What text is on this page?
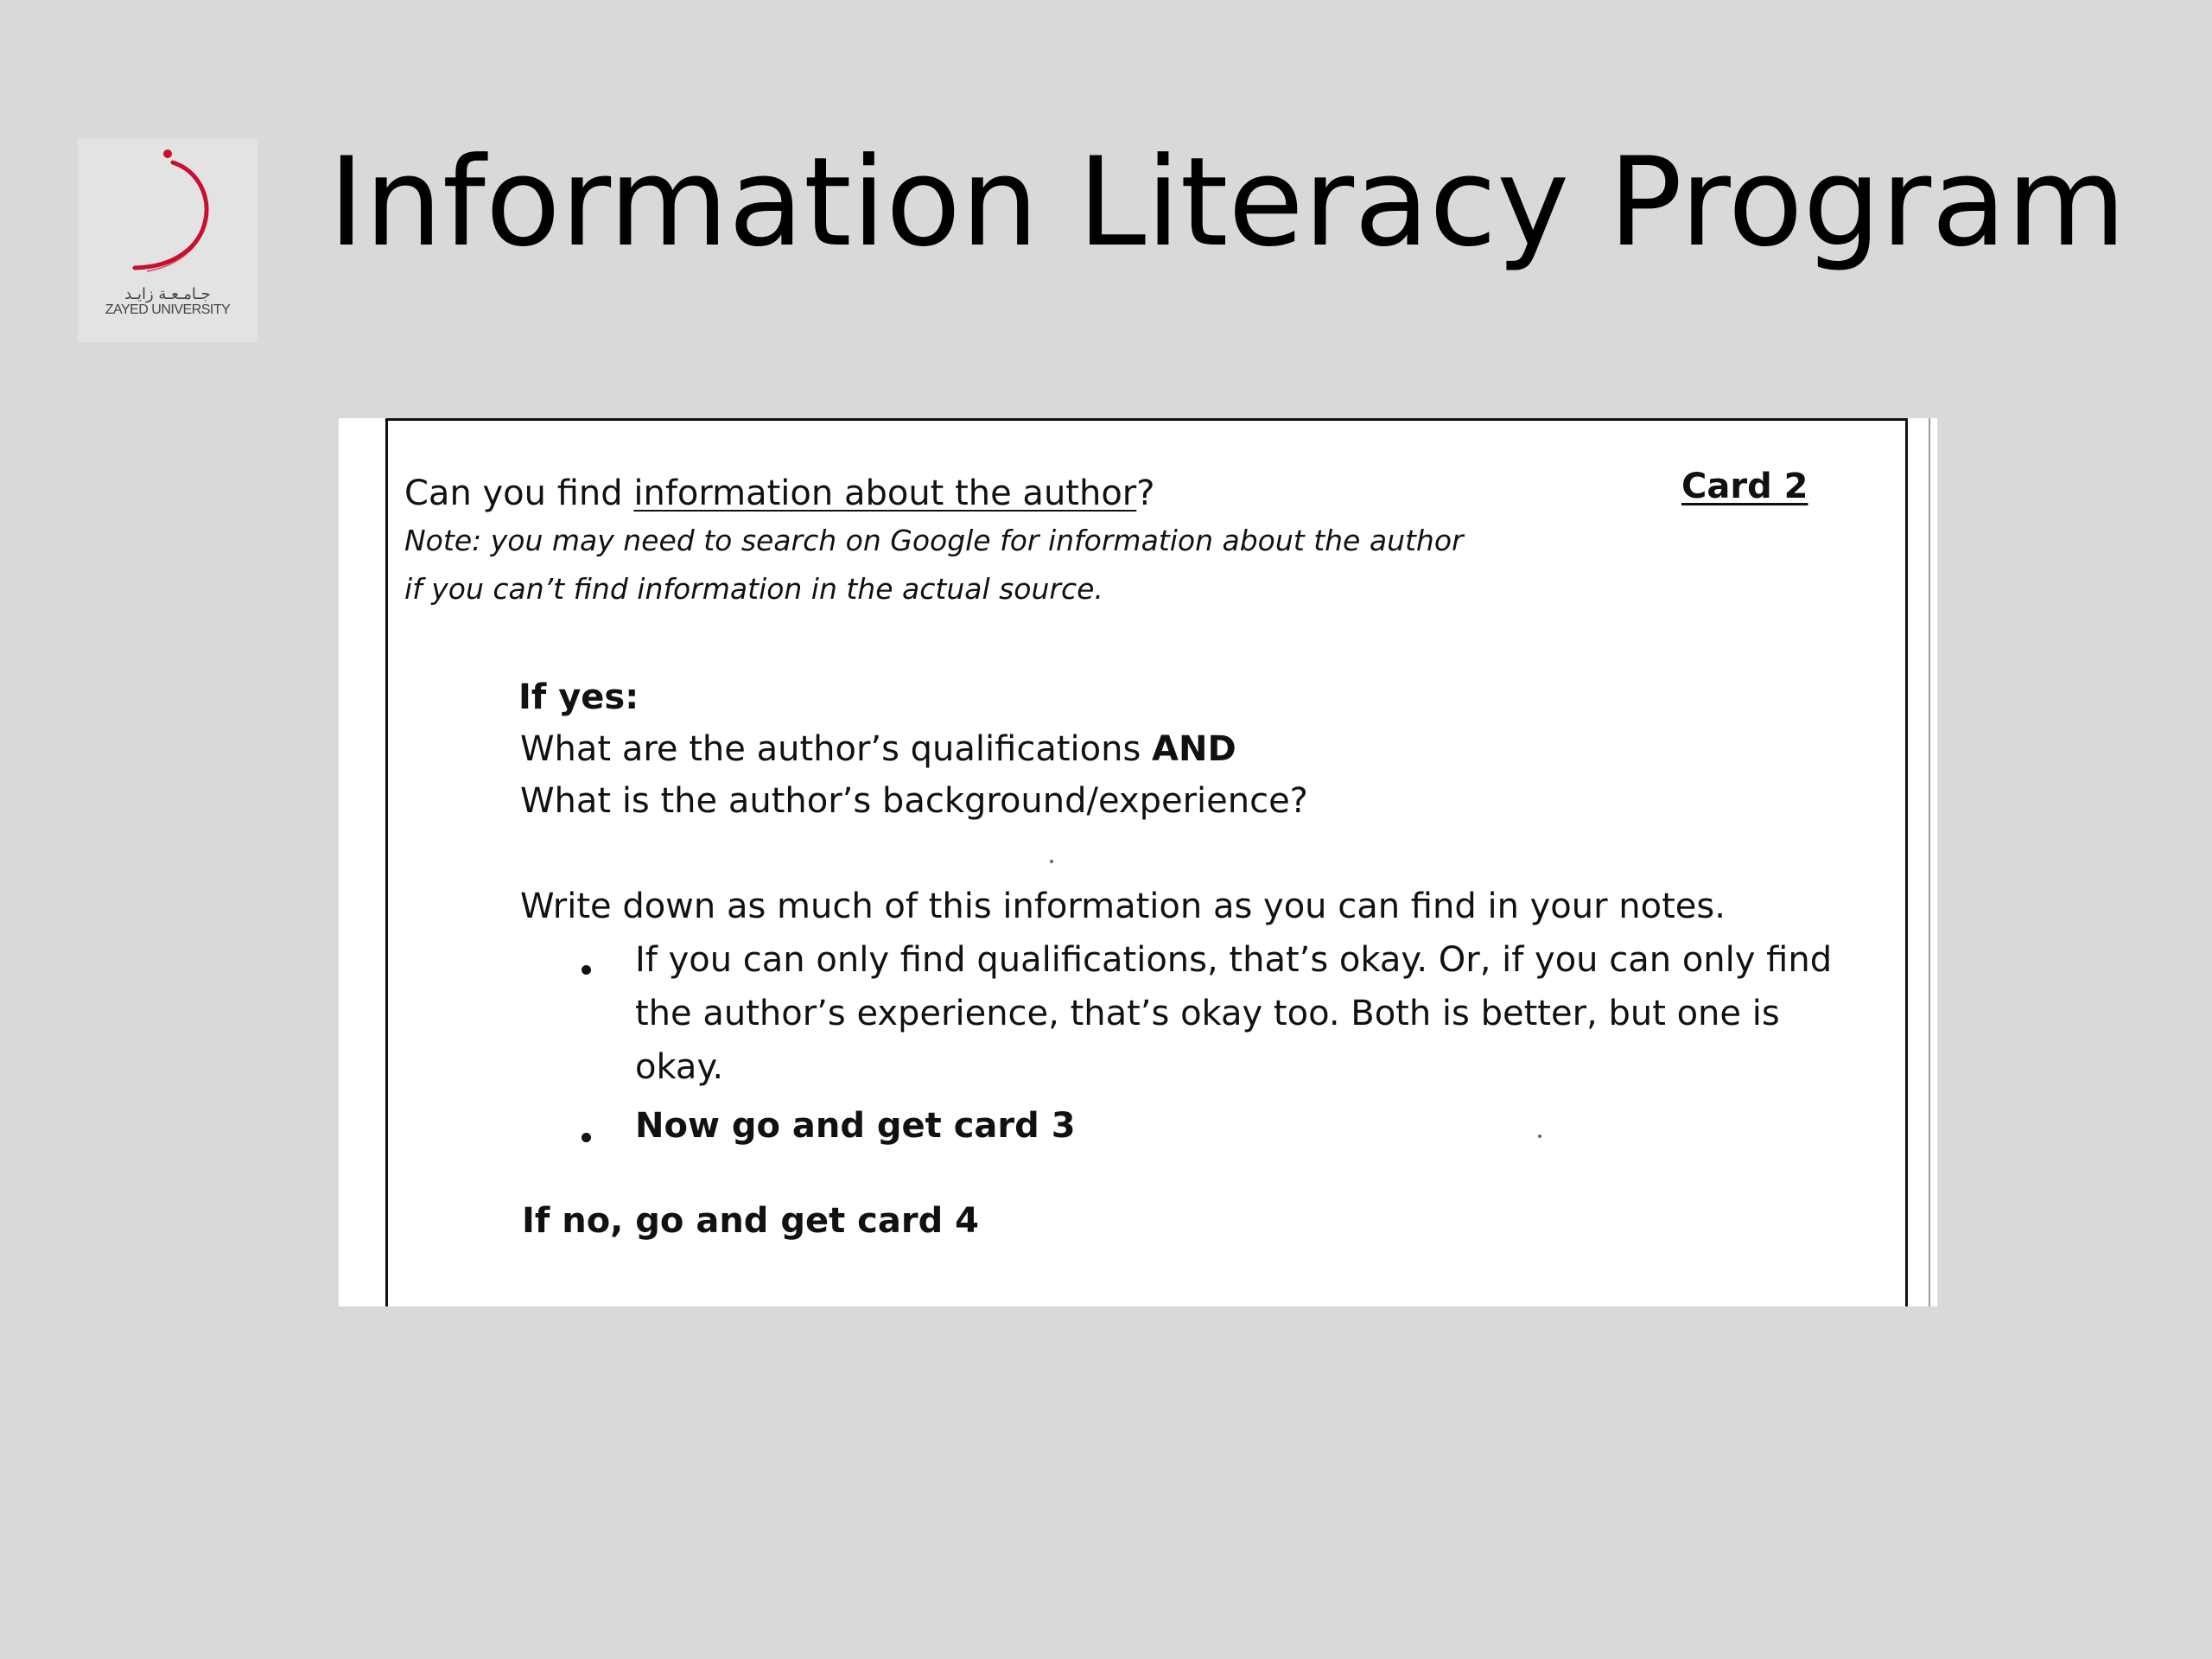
جـامـعـة زايـد
ZAYED UNIVERSITY
Information Literacy Program
Can you find information about the author?	Card 2
Note: you may need to search on Google for information about the author
if you can’t find information in the actual source.
If yes:
What are the author’s qualifications AND
What is the author’s background/experience?
Write down as much of this information as you can find in your notes.
If you can only find qualifications, that’s okay. Or, if you can only find
the author’s experience, that’s okay too. Both is better, but one is
okay.
Now go and get card 3
If no, go and get card 4
